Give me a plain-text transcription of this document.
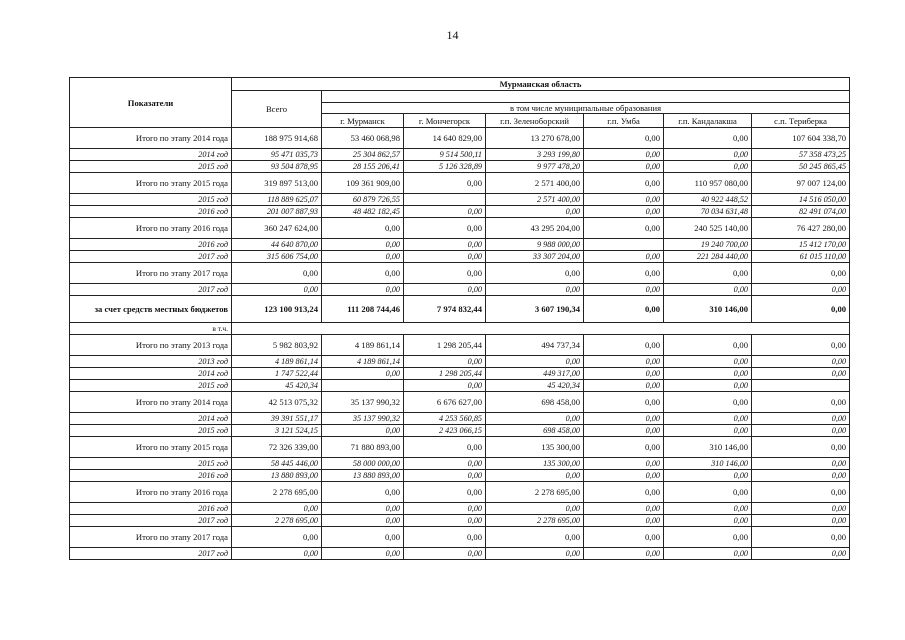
14
Показатели	Мурманская область						
	Всего						
		в том числе муниципальные образования					
		г. Мурманск	г. Мончегорск	г.п. Зеленоборский	г.п. Умба	г.п. Кандалакша	с.п. Териберка
Итого по этапу 2014 года	188 975 914,68	53 460 068,98	14 640 829,00	13 270 678,00	0,00	0,00	107 604 338,70
2014 год	95 471 035,73	25 304 862,57	9 514 500,11	3 293 199,80	0,00	0,00	57 358 473,25
2015 год	93 504 878,95	28 155 206,41	5 126 328,89	9 977 478,20	0,00	0,00	50 245 865,45
Итого по этапу 2015 года	319 897 513,00	109 361 909,00	0,00	2 571 400,00	0,00	110 957 080,00	97 007 124,00
2015 год	118 889 625,07	60 879 726,55		2 571 400,00	0,00	40 922 448,52	14 516 050,00
2016 год	201 007 887,93	48 482 182,45	0,00	0,00	0,00	70 034 631,48	82 491 074,00
Итого по этапу 2016 года	360 247 624,00	0,00	0,00	43 295 204,00	0,00	240 525 140,00	76 427 280,00
2016 год	44 640 870,00	0,00	0,00	9 988 000,00		19 240 700,00	15 412 170,00
2017 год	315 606 754,00	0,00	0,00	33 307 204,00	0,00	221 284 440,00	61 015 110,00
Итого по этапу 2017 года	0,00	0,00	0,00	0,00	0,00	0,00	0,00
2017 год	0,00	0,00	0,00	0,00	0,00	0,00	0,00
за счет средств местных бюджетов	123 100 913,24	111 208 744,46	7 974 832,44	3 607 190,34	0,00	310 146,00	0,00
в т.ч.							
Итого по этапу 2013 года	5 982 803,92	4 189 861,14	1 298 205,44	494 737,34	0,00	0,00	0,00
2013 год	4 189 861,14	4 189 861,14	0,00	0,00	0,00	0,00	0,00
2014 год	1 747 522,44	0,00	1 298 205,44	449 317,00	0,00	0,00	0,00
2015 год	45 420,34		0,00	45 420,34	0,00	0,00	
Итого по этапу 2014 года	42 513 075,32	35 137 990,32	6 676 627,00	698 458,00	0,00	0,00	0,00
2014 год	39 391 551,17	35 137 990,32	4 253 560,85	0,00	0,00	0,00	0,00
2015 год	3 121 524,15	0,00	2 423 066,15	698 458,00	0,00	0,00	0,00
Итого по этапу 2015 года	72 326 339,00	71 880 893,00	0,00	135 300,00	0,00	310 146,00	0,00
2015 год	58 445 446,00	58 000 000,00	0,00	135 300,00	0,00	310 146,00	0,00
2016 год	13 880 893,00	13 880 893,00	0,00	0,00	0,00	0,00	0,00
Итого по этапу 2016 года	2 278 695,00	0,00	0,00	2 278 695,00	0,00	0,00	0,00
2016 год	0,00	0,00	0,00	0,00	0,00	0,00	0,00
2017 год	2 278 695,00	0,00	0,00	2 278 695,00	0,00	0,00	0,00
Итого по этапу 2017 года	0,00	0,00	0,00	0,00	0,00	0,00	0,00
2017 год	0,00	0,00	0,00	0,00	0,00	0,00	0,00
